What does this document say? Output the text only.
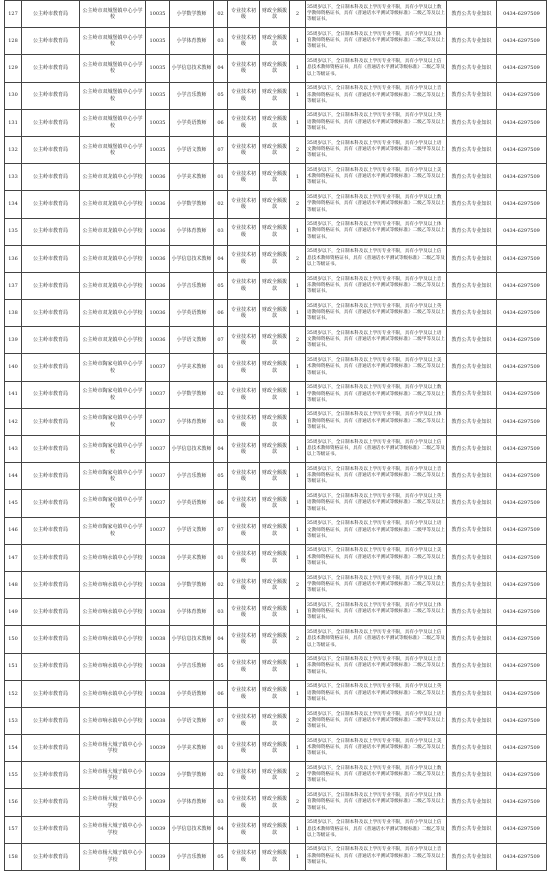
127	公主岭市教育局	公主岭市双城堡镇中心小学校	10035	小学数学教师	02	专业技术初级	财政全额拨款	2	35周岁以下，全日制本科及以上学历专业不限，具有小学及以上数学教师资格证书，具有《普通话水平测试等级标准》二级乙等及以上等级证书。	教育公共专业知识	0434-6297509
128	公主岭市教育局	公主岭市双城堡镇中心小学校	10035	小学体育教师	03	专业技术初级	财政全额拨款	1	35周岁以下，全日制本科及以上学历专业不限，具有小学及以上体育教师资格证书，具有《普通话水平测试等级标准》二级乙等及以上等级证书。	教育公共专业知识	0434-6297509
129	公主岭市教育局	公主岭市双城堡镇中心小学校	10035	小学信息技术教师	04	专业技术初级	财政全额拨款	1	35周岁以下，全日制本科及以上学历专业不限，具有小学及以上信息技术教师资格证书，具有《普通话水平测试等级标准》二级乙等及以上等级证书。	教育公共专业知识	0434-6297509
130	公主岭市教育局	公主岭市双城堡镇中心小学校	10035	小学音乐教师	05	专业技术初级	财政全额拨款	1	35周岁以下，全日制本科及以上学历专业不限，具有小学及以上音乐教师资格证书，具有《普通话水平测试等级标准》二级乙等及以上等级证书。	教育公共专业知识	0434-6297509
131	公主岭市教育局	公主岭市双城堡镇中心小学校	10035	小学英语教师	06	专业技术初级	财政全额拨款	1	35周岁以下，全日制本科及以上学历专业不限，具有小学及以上英语教师资格证书，具有《普通话水平测试等级标准》二级乙等及以上等级证书。	教育公共专业知识	0434-6297509
132	公主岭市教育局	公主岭市双城堡镇中心小学校	10035	小学语文教师	07	专业技术初级	财政全额拨款	2	35周岁以下，全日制本科及以上学历专业不限，具有小学及以上语文教师资格证书，具有《普通话水平测试等级标准》二级甲等及以上等级证书。	教育公共专业知识	0434-6297509
133	公主岭市教育局	公主岭市双龙镇中心小学校	10036	小学美术教师	01	专业技术初级	财政全额拨款	1	35周岁以下，全日制本科及以上学历专业不限，具有小学及以上美术教师资格证书，具有《普通话水平测试等级标准》二级乙等及以上等级证书。	教育公共专业知识	0434-6297509
134	公主岭市教育局	公主岭市双龙镇中心小学校	10036	小学数学教师	02	专业技术初级	财政全额拨款	2	35周岁以下，全日制本科及以上学历专业不限，具有小学及以上数学教师资格证书，具有《普通话水平测试等级标准》二级乙等及以上等级证书。	教育公共专业知识	0434-6297509
135	公主岭市教育局	公主岭市双龙镇中心小学校	10036	小学体育教师	03	专业技术初级	财政全额拨款	1	35周岁以下，全日制本科及以上学历专业不限，具有小学及以上体育教师资格证书，具有《普通话水平测试等级标准》二级乙等及以上等级证书。	教育公共专业知识	0434-6297509
136	公主岭市教育局	公主岭市双龙镇中心小学校	10036	小学信息技术教师	04	专业技术初级	财政全额拨款	2	35周岁以下，全日制本科及以上学历专业不限，具有小学及以上信息技术教师资格证书，具有《普通话水平测试等级标准》二级乙等及以上等级证书。	教育公共专业知识	0434-6297509
137	公主岭市教育局	公主岭市双龙镇中心小学校	10036	小学音乐教师	05	专业技术初级	财政全额拨款	1	35周岁以下，全日制本科及以上学历专业不限，具有小学及以上音乐教师资格证书，具有《普通话水平测试等级标准》二级乙等及以上等级证书。	教育公共专业知识	0434-6297509
138	公主岭市教育局	公主岭市双龙镇中心小学校	10036	小学英语教师	06	专业技术初级	财政全额拨款	1	35周岁以下，全日制本科及以上学历专业不限，具有小学及以上英语教师资格证书，具有《普通话水平测试等级标准》二级乙等及以上等级证书。	教育公共专业知识	0434-6297509
139	公主岭市教育局	公主岭市双龙镇中心小学校	10036	小学语文教师	07	专业技术初级	财政全额拨款	2	35周岁以下，全日制本科及以上学历专业不限，具有小学及以上语文教师资格证书，具有《普通话水平测试等级标准》二级甲等及以上等级证书。	教育公共专业知识	0434-6297509
140	公主岭市教育局	公主岭市陶家屯镇中心小学校	10037	小学美术教师	01	专业技术初级	财政全额拨款	1	35周岁以下，全日制本科及以上学历专业不限，具有小学及以上美术教师资格证书，具有《普通话水平测试等级标准》二级乙等及以上等级证书。	教育公共专业知识	0434-6297509
141	公主岭市教育局	公主岭市陶家屯镇中心小学校	10037	小学数学教师	02	专业技术初级	财政全额拨款	1	35周岁以下，全日制本科及以上学历专业不限，具有小学及以上数学教师资格证书，具有《普通话水平测试等级标准》二级乙等及以上等级证书。	教育公共专业知识	0434-6297509
142	公主岭市教育局	公主岭市陶家屯镇中心小学校	10037	小学体育教师	03	专业技术初级	财政全额拨款	1	35周岁以下，全日制本科及以上学历专业不限，具有小学及以上体育教师资格证书，具有《普通话水平测试等级标准》二级乙等及以上等级证书。	教育公共专业知识	0434-6297509
143	公主岭市教育局	公主岭市陶家屯镇中心小学校	10037	小学信息技术教师	04	专业技术初级	财政全额拨款	1	35周岁以下，全日制本科及以上学历专业不限，具有小学及以上信息技术教师资格证书，具有《普通话水平测试等级标准》二级乙等及以上等级证书。	教育公共专业知识	0434-6297509
144	公主岭市教育局	公主岭市陶家屯镇中心小学校	10037	小学音乐教师	05	专业技术初级	财政全额拨款	1	35周岁以下，全日制本科及以上学历专业不限，具有小学及以上音乐教师资格证书，具有《普通话水平测试等级标准》二级乙等及以上等级证书。	教育公共专业知识	0434-6297509
145	公主岭市教育局	公主岭市陶家屯镇中心小学校	10037	小学英语教师	06	专业技术初级	财政全额拨款	1	35周岁以下，全日制本科及以上学历专业不限，具有小学及以上英语教师资格证书，具有《普通话水平测试等级标准》二级乙等及以上等级证书。	教育公共专业知识	0434-6297509
146	公主岭市教育局	公主岭市陶家屯镇中心小学校	10037	小学语文教师	07	专业技术初级	财政全额拨款	1	35周岁以下，全日制本科及以上学历专业不限，具有小学及以上语文教师资格证书，具有《普通话水平测试等级标准》二级甲等及以上等级证书。	教育公共专业知识	0434-6297509
147	公主岭市教育局	公主岭市响水镇中心小学校	10038	小学美术教师	01	专业技术初级	财政全额拨款	1	35周岁以下，全日制本科及以上学历专业不限，具有小学及以上美术教师资格证书，具有《普通话水平测试等级标准》二级乙等及以上等级证书。	教育公共专业知识	0434-6297509
148	公主岭市教育局	公主岭市响水镇中心小学校	10038	小学数学教师	02	专业技术初级	财政全额拨款	2	35周岁以下，全日制本科及以上学历专业不限，具有小学及以上数学教师资格证书，具有《普通话水平测试等级标准》二级乙等及以上等级证书。	教育公共专业知识	0434-6297509
149	公主岭市教育局	公主岭市响水镇中心小学校	10038	小学体育教师	03	专业技术初级	财政全额拨款	1	35周岁以下，全日制本科及以上学历专业不限，具有小学及以上体育教师资格证书，具有《普通话水平测试等级标准》二级乙等及以上等级证书。	教育公共专业知识	0434-6297509
150	公主岭市教育局	公主岭市响水镇中心小学校	10038	小学信息技术教师	04	专业技术初级	财政全额拨款	2	35周岁以下，全日制本科及以上学历专业不限，具有小学及以上信息技术教师资格证书，具有《普通话水平测试等级标准》二级乙等及以上等级证书。	教育公共专业知识	0434-6297509
151	公主岭市教育局	公主岭市响水镇中心小学校	10038	小学音乐教师	05	专业技术初级	财政全额拨款	1	35周岁以下，全日制本科及以上学历专业不限，具有小学及以上音乐教师资格证书，具有《普通话水平测试等级标准》二级乙等及以上等级证书。	教育公共专业知识	0434-6297509
152	公主岭市教育局	公主岭市响水镇中心小学校	10038	小学英语教师	06	专业技术初级	财政全额拨款	1	35周岁以下，全日制本科及以上学历专业不限，具有小学及以上英语教师资格证书，具有《普通话水平测试等级标准》二级乙等及以上等级证书。	教育公共专业知识	0434-6297509
153	公主岭市教育局	公主岭市响水镇中心小学校	10038	小学语文教师	07	专业技术初级	财政全额拨款	2	35周岁以下，全日制本科及以上学历专业不限，具有小学及以上语文教师资格证书，具有《普通话水平测试等级标准》二级甲等及以上等级证书。	教育公共专业知识	0434-6297509
154	公主岭市教育局	公主岭市杨大城子镇中心小学校	10039	小学美术教师	01	专业技术初级	财政全额拨款	1	35周岁以下，全日制本科及以上学历专业不限，具有小学及以上美术教师资格证书，具有《普通话水平测试等级标准》二级乙等及以上等级证书。	教育公共专业知识	0434-6297509
155	公主岭市教育局	公主岭市杨大城子镇中心小学校	10039	小学数学教师	02	专业技术初级	财政全额拨款	2	35周岁以下，全日制本科及以上学历专业不限，具有小学及以上数学教师资格证书，具有《普通话水平测试等级标准》二级乙等及以上等级证书。	教育公共专业知识	0434-6297509
156	公主岭市教育局	公主岭市杨大城子镇中心小学校	10039	小学体育教师	03	专业技术初级	财政全额拨款	2	35周岁以下，全日制本科及以上学历专业不限，具有小学及以上体育教师资格证书，具有《普通话水平测试等级标准》二级乙等及以上等级证书。	教育公共专业知识	0434-6297509
157	公主岭市教育局	公主岭市杨大城子镇中心小学校	10039	小学信息技术教师	04	专业技术初级	财政全额拨款	1	35周岁以下，全日制本科及以上学历专业不限，具有小学及以上信息技术教师资格证书，具有《普通话水平测试等级标准》二级乙等及以上等级证书。	教育公共专业知识	0434-6297509
158	公主岭市教育局	公主岭市杨大城子镇中心小学校	10039	小学音乐教师	05	专业技术初级	财政全额拨款	1	35周岁以下，全日制本科及以上学历专业不限，具有小学及以上音乐教师资格证书，具有《普通话水平测试等级标准》二级乙等及以上等级证书。	教育公共专业知识	0434-6297509
